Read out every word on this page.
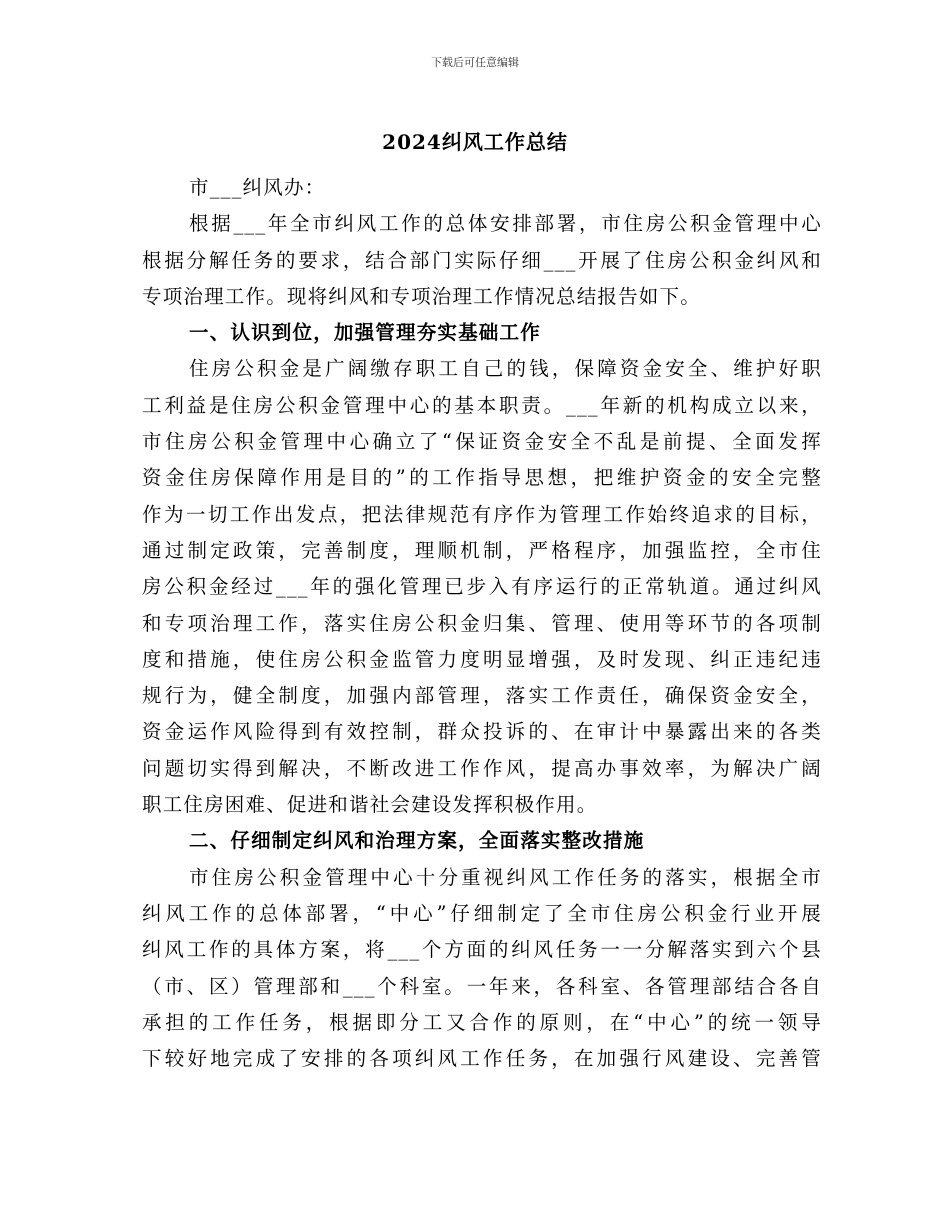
下载后可任意编辑
2024纠风工作总结
市___纠风办：
根据___年全市纠风工作的总体安排部署，市住房公积金管理中心
根据分解任务的要求，结合部门实际仔细___开展了住房公积金纠风和
专项治理工作。现将纠风和专项治理工作情况总结报告如下。
一、认识到位，加强管理夯实基础工作
住房公积金是广阔缴存职工自己的钱，保障资金安全、维护好职
工利益是住房公积金管理中心的基本职责。___年新的机构成立以来，
市住房公积金管理中心确立了“保证资金安全不乱是前提、全面发挥
资金住房保障作用是目的”的工作指导思想，把维护资金的安全完整
作为一切工作出发点，把法律规范有序作为管理工作始终追求的目标，
通过制定政策，完善制度，理顺机制，严格程序，加强监控，全市住
房公积金经过___年的强化管理已步入有序运行的正常轨道。通过纠风
和专项治理工作，落实住房公积金归集、管理、使用等环节的各项制
度和措施，使住房公积金监管力度明显增强，及时发现、纠正违纪违
规行为，健全制度，加强内部管理，落实工作责任，确保资金安全，
资金运作风险得到有效控制，群众投诉的、在审计中暴露出来的各类
问题切实得到解决，不断改进工作作风，提高办事效率，为解决广阔
职工住房困难、促进和谐社会建设发挥积极作用。
二、仔细制定纠风和治理方案，全面落实整改措施
市住房公积金管理中心十分重视纠风工作任务的落实，根据全市
纠风工作的总体部署，“中心”仔细制定了全市住房公积金行业开展
纠风工作的具体方案，将___个方面的纠风任务一一分解落实到六个县
（市、区）管理部和___个科室。一年来，各科室、各管理部结合各自
承担的工作任务，根据即分工又合作的原则，在“中心”的统一领导
下较好地完成了安排的各项纠风工作任务，在加强行风建设、完善管
